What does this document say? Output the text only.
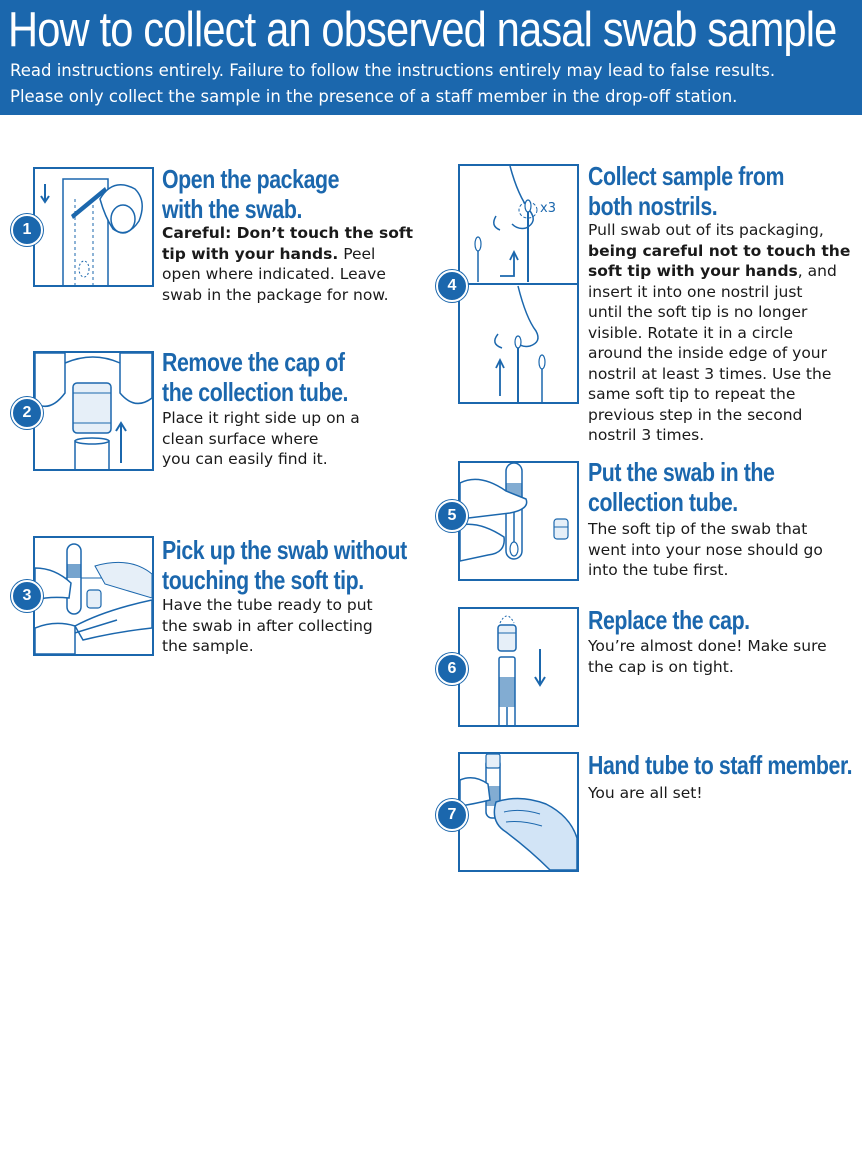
How to collect an observed nasal swab sample
Read instructions entirely. Failure to follow the instructions entirely may lead to false results.
Please only collect the sample in the presence of a staff member in the drop-off station.
1
Open the package
with the swab.
Careful: Don’t touch the soft
tip with your hands. Peel
open where indicated. Leave
swab in the package for now.
2
Remove the cap of
the collection tube.
Place it right side up on a
clean surface where
you can easily find it.
3
Pick up the swab without
touching the soft tip.
Have the tube ready to put
the swab in after collecting
the sample.
x3
4
Collect sample from
both nostrils.
Pull swab out of its packaging,
being careful not to touch the
soft tip with your hands, and
insert it into one nostril just
until the soft tip is no longer
visible. Rotate it in a circle
around the inside edge of your
nostril at least 3 times. Use the
same soft tip to repeat the
previous step in the second
nostril 3 times.
5
Put the swab in the
collection tube.
The soft tip of the swab that
went into your nose should go
into the tube first.
6
Replace the cap.
You’re almost done! Make sure
the cap is on tight.
7
Hand tube to staff member.
You are all set!
